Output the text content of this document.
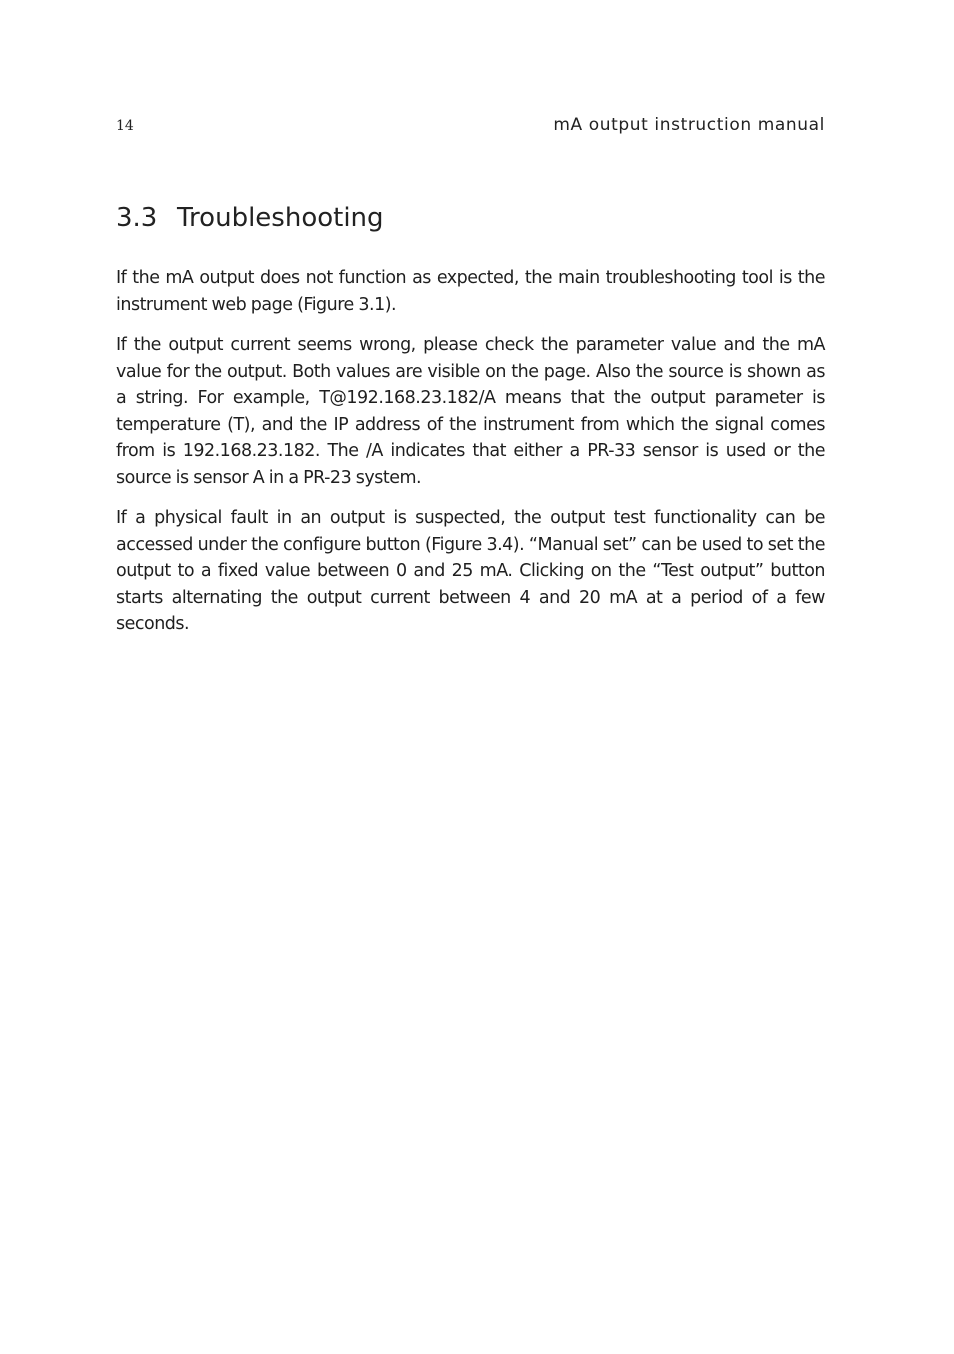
14	mA output instruction manual
3.3 Troubleshooting

If the mA output does not function as expected, the main troubleshooting tool is the instrument web page (Figure 3.1).

If the output current seems wrong, please check the parameter value and the mA value for the output. Both values are visible on the page. Also the source is shown as a string. For example, T@192.168.23.182/A means that the output parameter is temperature (T), and the IP address of the instrument from which the signal comes from is 192.168.23.182. The /A indicates that either a PR-33 sensor is used or the source is sensor A in a PR-23 system.

If a physical fault in an output is suspected, the output test functionality can be accessed under the configure button (Figure 3.4). “Manual set” can be used to set the output to a fixed value between 0 and 25 mA. Clicking on the “Test output” button starts alternating the output current between 4 and 20 mA at a period of a few seconds.
